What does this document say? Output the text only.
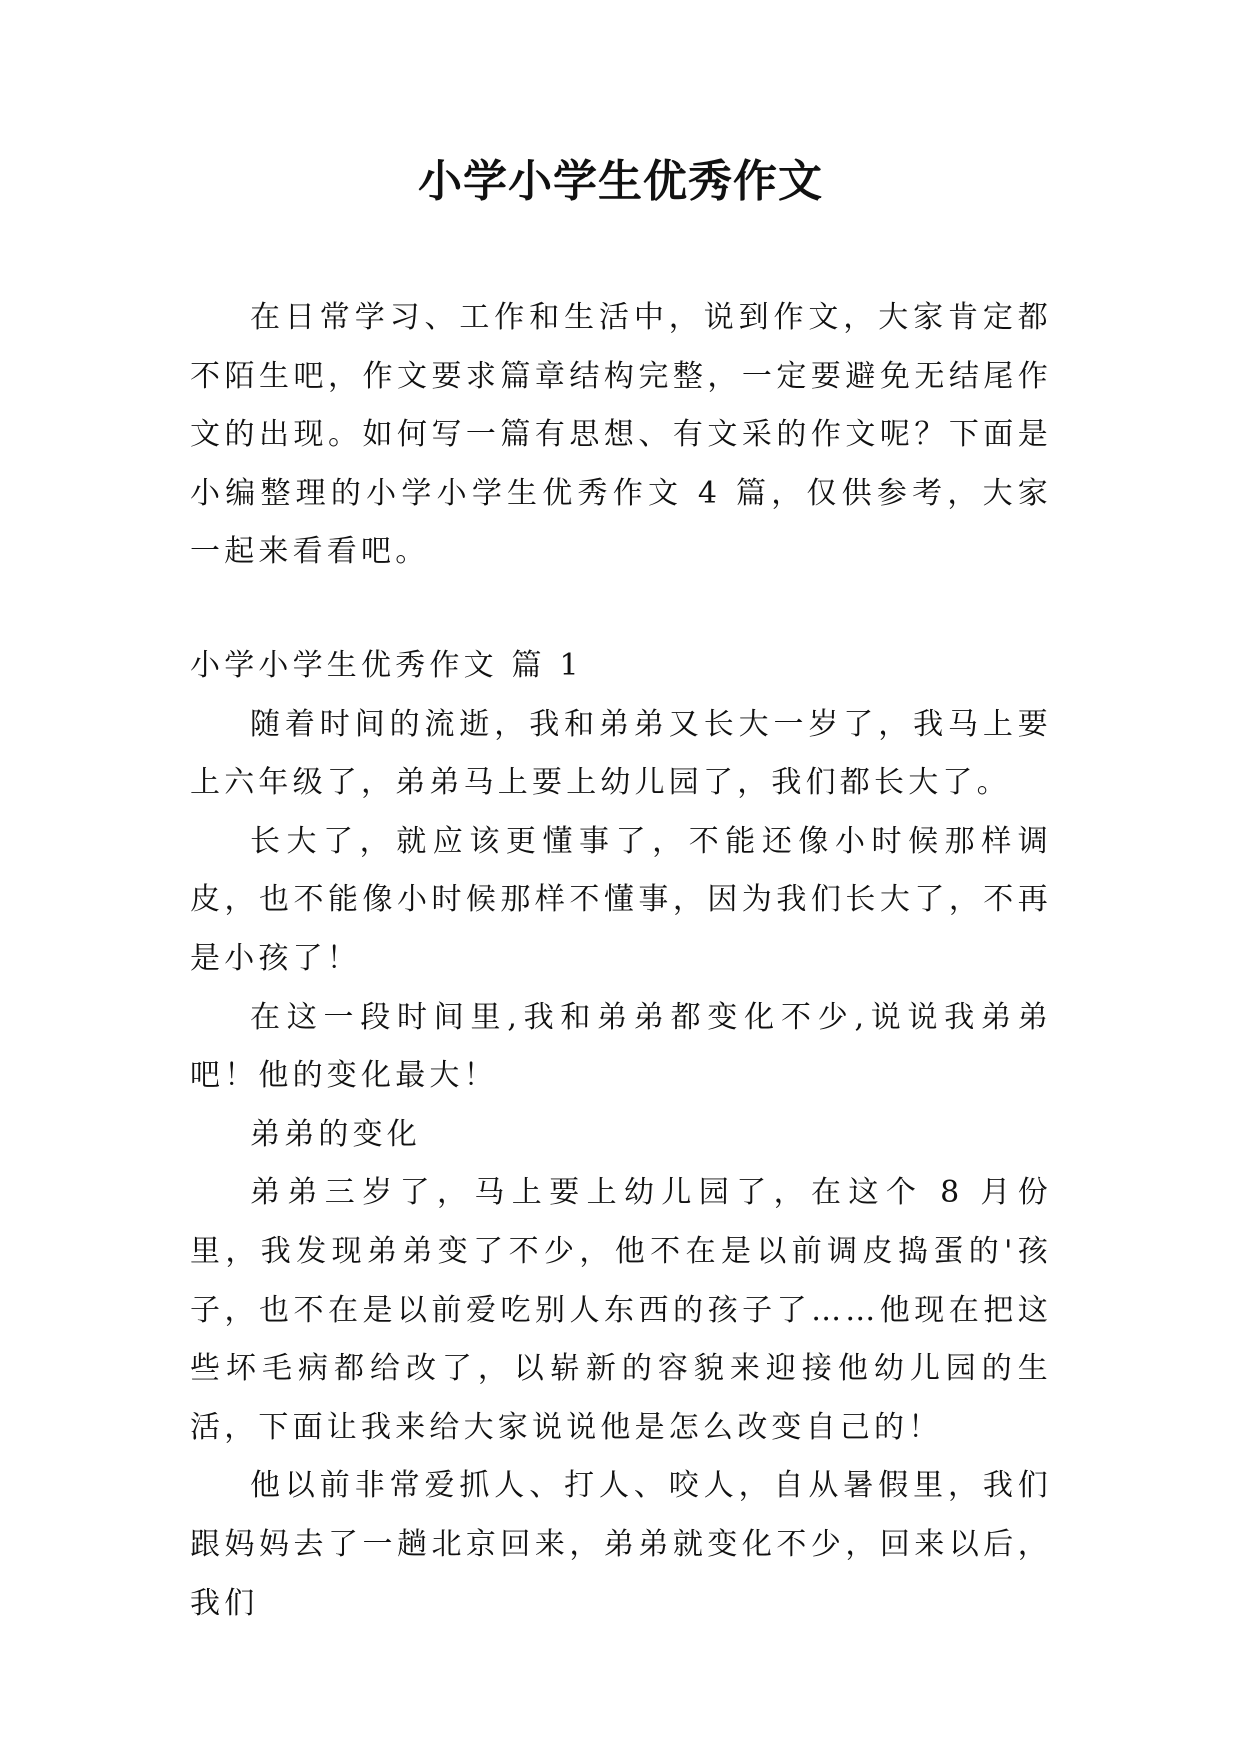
小学小学生优秀作文

在日常学习、工作和生活中，说到作文，大家肯定都不陌生吧，作文要求篇章结构完整，一定要避免无结尾作文的出现。如何写一篇有思想、有文采的作文呢？下面是小编整理的小学小学生优秀作文 4 篇，仅供参考，大家一起来看看吧。

小学小学生优秀作文 篇 1

随着时间的流逝，我和弟弟又长大一岁了，我马上要上六年级了，弟弟马上要上幼儿园了，我们都长大了。

长大了，就应该更懂事了，不能还像小时候那样调皮，也不能像小时候那样不懂事，因为我们长大了，不再是小孩了！

在这一段时间里,我和弟弟都变化不少,说说我弟弟吧！他的变化最大！

弟弟的变化

弟弟三岁了，马上要上幼儿园了，在这个 8 月份里，我发现弟弟变了不少，他不在是以前调皮捣蛋的'孩子，也不在是以前爱吃别人东西的孩子了……他现在把这些坏毛病都给改了，以崭新的容貌来迎接他幼儿园的生活，下面让我来给大家说说他是怎么改变自己的！

他以前非常爱抓人、打人、咬人，自从暑假里，我们跟妈妈去了一趟北京回来，弟弟就变化不少，回来以后，我们
